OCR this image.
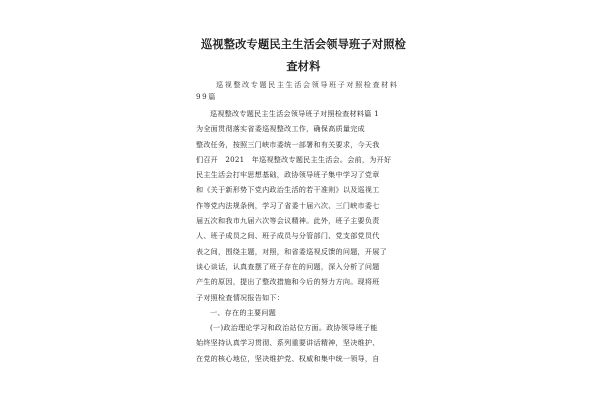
巡视整改专题民主生活会领导班子对照检
查材料
巡视整改专题民主生活会领导班子对照检查材料
99篇
巡视整改专题民主生活会领导班子对照检查材料篇 1
为全面贯彻落实省委巡视整改工作，确保高质量完成
整改任务，按照三门峡市委统一部署和有关要求，今天我
们召开　2021　年巡视整改专题民主生活会。会前，为开好
民主生活会打牢思想基础，政协领导班子集中学习了党章
和《关于新形势下党内政治生活的若干准则》以及巡视工
作等党内法规条例，学习了省委十届六次、三门峡市委七
届五次和我市九届六次等会议精神。此外，班子主要负责
人、班子成员之间、班子成员与分管部门、党支部党员代
表之间，围绕主题，对照，和省委巡视反馈的问题，开展了
谈心谈话，认真查摆了班子存在的问题，深入分析了问题
产生的原因，提出了整改措施和今后的努力方向。现将班
子对照检查情况报告如下：
一、存在的主要问题
(一)政治理论学习和政治站位方面。政协领导班子能
始终坚持认真学习贯彻、系列重要讲话精神，坚决维护、
在党的核心地位，坚决维护党、权威和集中统一领导，自
